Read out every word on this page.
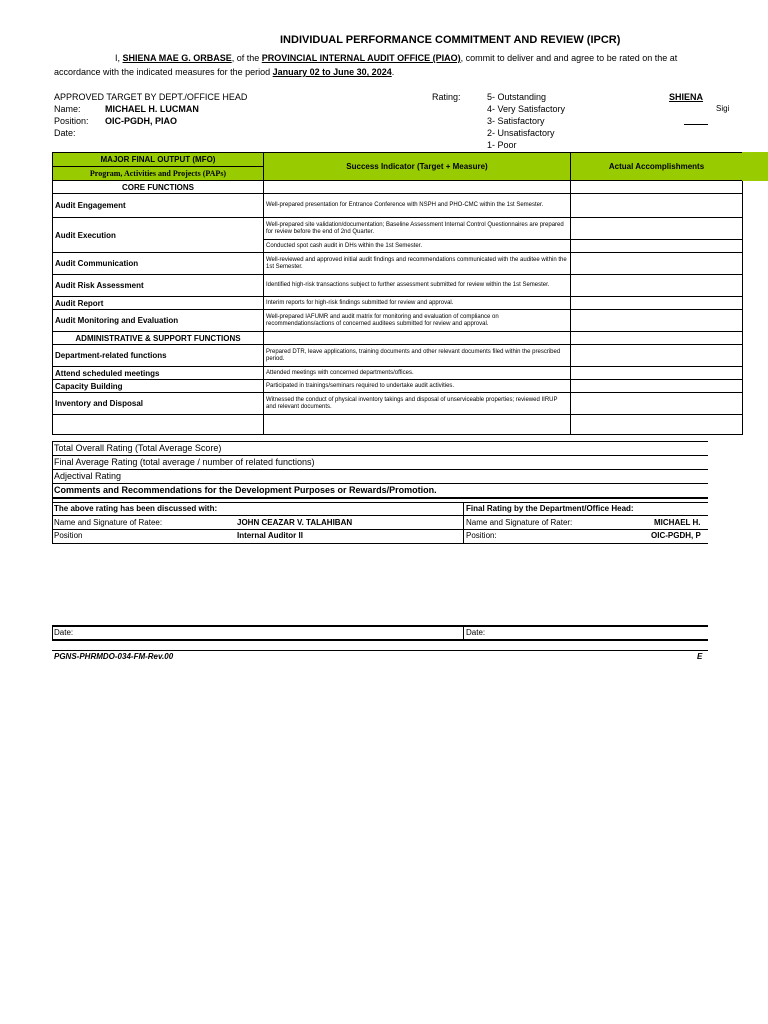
INDIVIDUAL PERFORMANCE COMMITMENT AND REVIEW (IPCR)
I, SHIENA MAE G. ORBASE, of the PROVINCIAL INTERNAL AUDIT OFFICE (PIAO), commit to deliver and and agree to be rated on the at
accordance with the indicated measures for the period January 02 to June 30, 2024.
APPROVED TARGET BY DEPT./OFFICE HEAD
Name:	MICHAEL H. LUCMAN
Position: OIC-PGDH, PIAO
Date:
Rating:	5- Outstanding
4- Very Satisfactory
3- Satisfactory
2- Unsatisfactory
1- Poor
SHIENA
Sigi
MAJOR FINAL OUTPUT (MFO)	Success Indicator (Target + Measure)	Actual Accomplishments
Program, Activities and Projects (PAPs)		
CORE FUNCTIONS		
Audit Engagement	Well-prepared presentation for Entrance Conference with NSPH and PHO-CMC within the 1st Semester.	
Audit Execution	Well-prepared site validation/documentation; Baseline Assessment Internal Control Questionnaires are prepared for review before the end of 2nd Quarter.	
	Conducted spot cash audit in DHs within the 1st Semester.	
Audit Communication	Well-reviewed and approved initial audit findings and recommendations communicated with the auditee within the 1st Semester.	
Audit Risk Assessment	Identified high-risk transactions subject to further assessment submitted for review within the 1st Semester.	
Audit Report	Interim reports for high-risk findings submitted for review and approval.	
Audit Monitoring and Evaluation	Well-prepared IAFUMR and audit matrix for monitoring and evaluation of compliance on recommendations/actions of concerned auditees submitted for review and approval.	
ADMINISTRATIVE & SUPPORT FUNCTIONS		
Department-related functions	Prepared DTR, leave applications, training documents and other relevant documents filed within the prescribed period.	
Attend scheduled meetings	Attended meetings with concerned departments/offices.	
Capacity Building	Participated in trainings/seminars required to undertake audit activities.	
Inventory and Disposal	Witnessed the conduct of physical inventory takings and disposal of unserviceable properties; reviewed IIRUP and relevant documents.	

Total Overall Rating (Total Average Score)
Final Average Rating (total average / number of related functions)
Adjectival Rating
Comments and Recommendations for the Development Purposes or Rewards/Promotion.
The above rating has been discussed with:	Final Rating by the Department/Office Head:
Name and Signature of Ratee:	JOHN CEAZAR V. TALAHIBAN	Name and Signature of Rater:	MICHAEL H.
Position	Internal Auditor II	Position:	OIC-PGDH, P
Date:	Date:
PGNS-PHRMDO-034-FM-Rev.00	E
